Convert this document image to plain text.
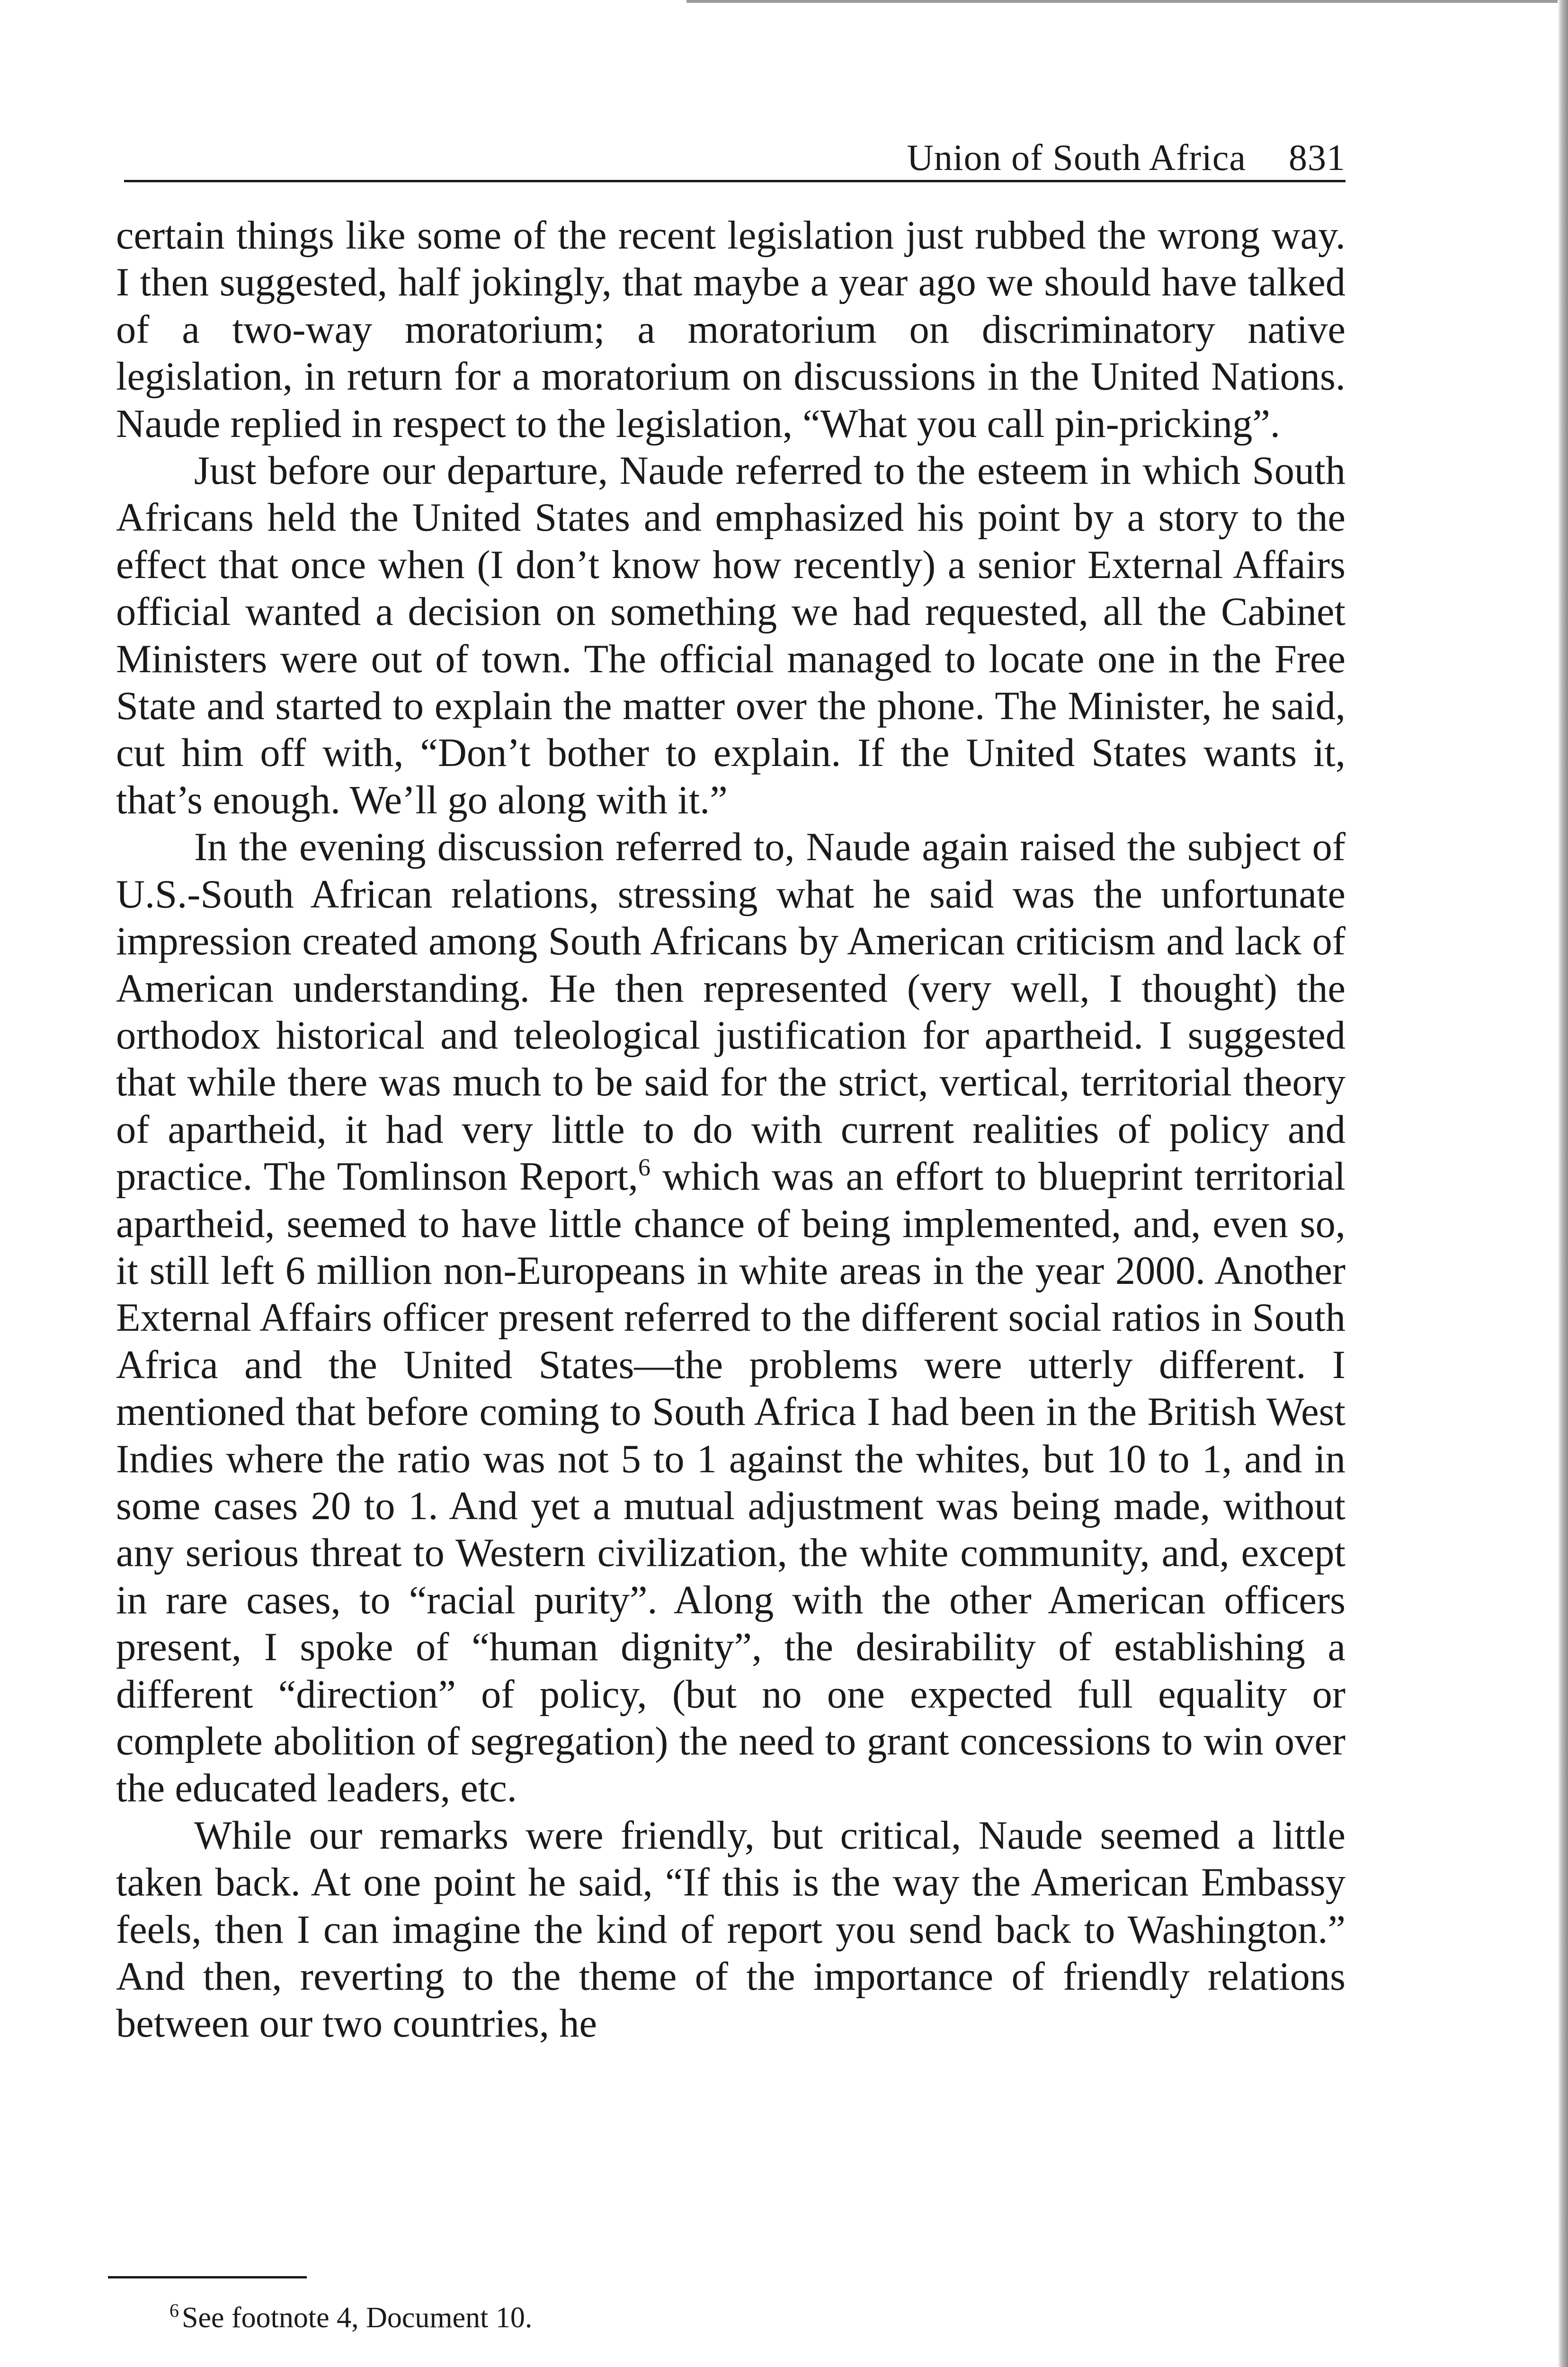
Union of South Africa 831

certain things like some of the recent legislation just rubbed the wrong way. I then suggested, half jokingly, that maybe a year ago we should have talked of a two-way moratorium; a moratorium on discriminatory native legislation, in return for a moratorium on discussions in the United Nations. Naude replied in respect to the legislation, “What you call pin-pricking”.

Just before our departure, Naude referred to the esteem in which South Africans held the United States and emphasized his point by a story to the effect that once when (I don’t know how recently) a senior External Affairs official wanted a decision on something we had requested, all the Cabinet Ministers were out of town. The official managed to locate one in the Free State and started to explain the matter over the phone. The Minister, he said, cut him off with, “Don’t bother to explain. If the United States wants it, that’s enough. We’ll go along with it.”

In the evening discussion referred to, Naude again raised the subject of U.S.-South African relations, stressing what he said was the unfortunate impression created among South Africans by American criticism and lack of American understanding. He then represented (very well, I thought) the orthodox historical and teleological justification for apartheid. I suggested that while there was much to be said for the strict, vertical, territorial theory of apartheid, it had very little to do with current realities of policy and practice. The Tomlinson Report,$^6$ which was an effort to blueprint territorial apartheid, seemed to have little chance of being implemented, and, even so, it still left 6 million non-Europeans in white areas in the year 2000. Another External Affairs officer present referred to the different social ratios in South Africa and the United States—the problems were utterly different. I mentioned that before coming to South Africa I had been in the British West Indies where the ratio was not 5 to 1 against the whites, but 10 to 1, and in some cases 20 to 1. And yet a mutual adjustment was being made, without any serious threat to Western civilization, the white community, and, except in rare cases, to “racial purity”. Along with the other American officers present, I spoke of “human dignity”, the desirability of establishing a different “direction” of policy, (but no one expected full equality or complete abolition of segregation) the need to grant concessions to win over the educated leaders, etc.

While our remarks were friendly, but critical, Naude seemed a little taken back. At one point he said, “If this is the way the American Embassy feels, then I can imagine the kind of report you send back to Washington.” And then, reverting to the theme of the importance of friendly relations between our two countries, he

$^6$See footnote 4, Document 10.
